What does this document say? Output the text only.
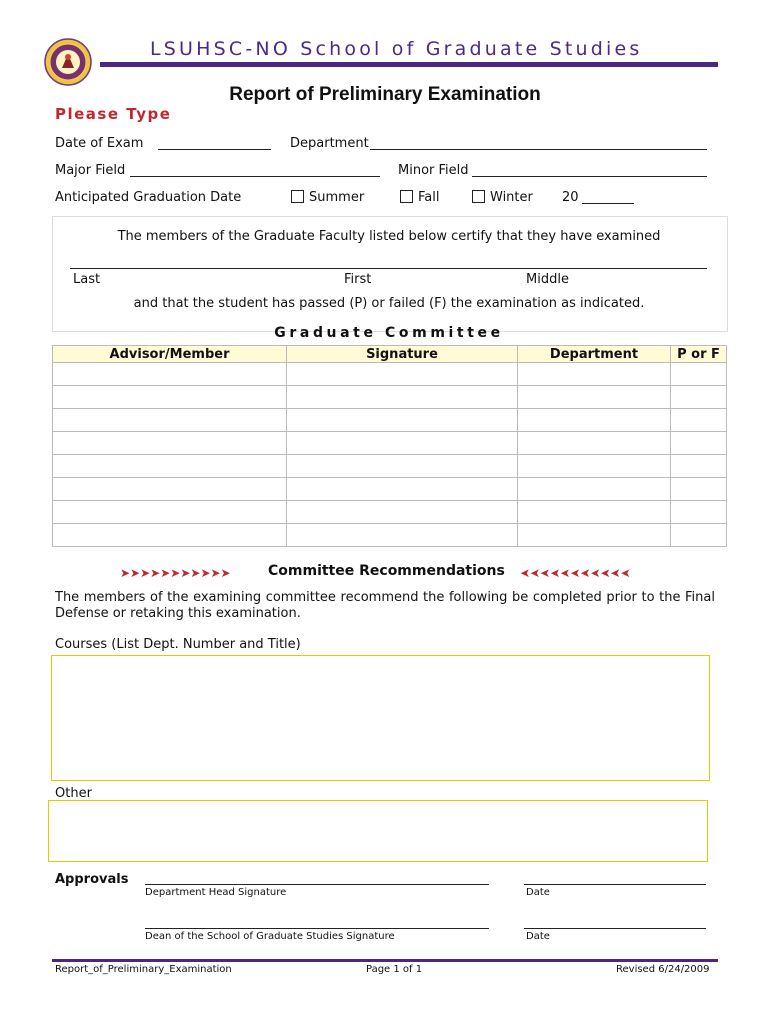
LSUHSC-NO School of Graduate Studies
Report of Preliminary Examination
Please Type
Date of Exam	Department
Major Field	Minor Field
Anticipated Graduation Date	Summer	Fall	Winter 20
The members of the Graduate Faculty listed below certify that they have examined
Last	First	Middle
and that the student has passed (P) or failed (F) the examination as indicated.
Graduate Committee
Advisor/Member	Signature	Department	P or F

➤➤➤➤➤➤➤➤➤➤➤	Committee Recommendations ➤➤➤➤➤➤➤➤➤➤➤
The members of the examining committee recommend the following be completed prior to the Final Defense or retaking this examination.
Courses (List Dept. Number and Title)
Other
Approvals
Department Head Signature	Date
Dean of the School of Graduate Studies Signature	Date
Report_of_Preliminary_Examination	Page 1 of 1	Revised 6/24/2009
